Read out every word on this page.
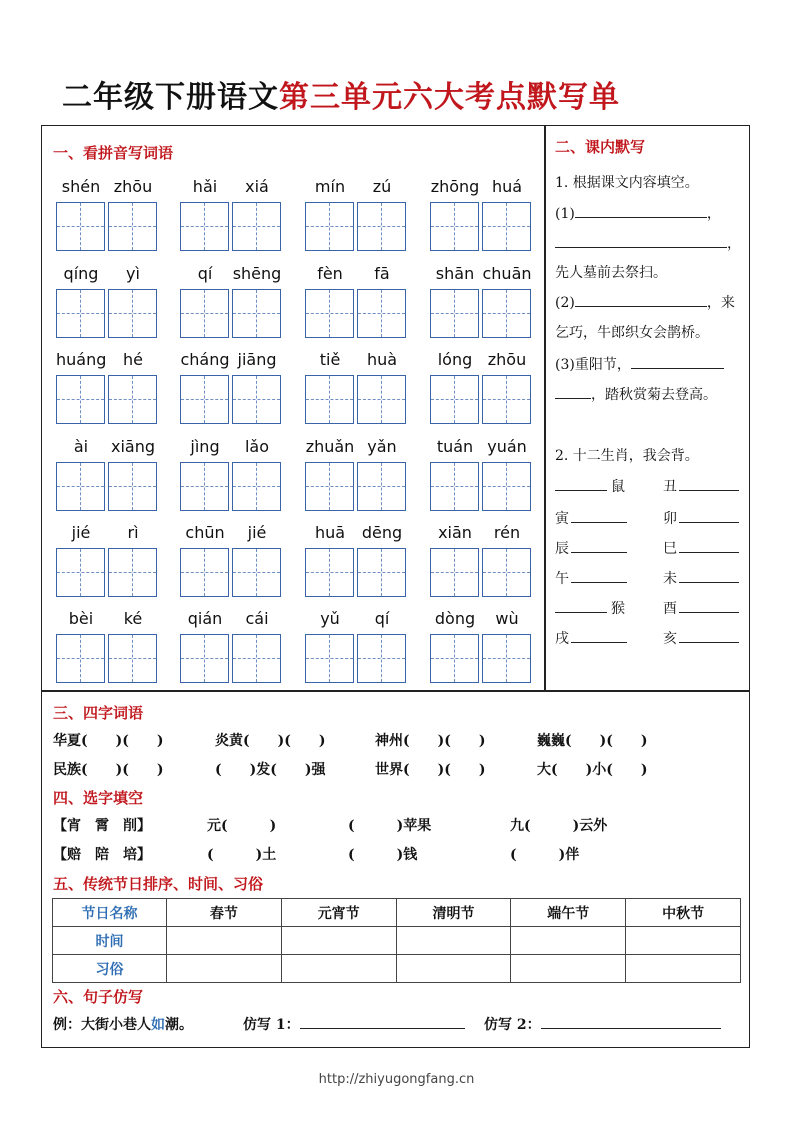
二年级下册语文第三单元六大考点默写单
一、看拼音写词语
shén zhōu	hǎi	xiá	mín	zú	zhōng huá
qíng	yì	qí	shēng	fèn	fā	shān chuān
huáng	hé	cháng jiāng	tiě	huà	lóng zhōu
ài	xiāng	jìng	lǎo	zhuǎn yǎn	tuán yuán
jié	rì	chūn	jié	huā	dēng	xiān	rén
bèi	ké	qián	cái	yǔ	qí	dòng	wù
二、课内默写
1. 根据课文内容填空。
(1)	，
，
先人墓前去祭扫。
(2)	，来
乞巧，牛郎织女会鹊桥。
(3)重阳节，
，踏秋赏菊去登高。
2. 十二生肖，我会背。
鼠	丑
寅	卯
辰	巳
午	未
猴	酉
戌	亥
三、四字词语
华夏(　　)(　　)	炎黄(　　)(　　)	神州(　　)(　　)	巍巍(　　)(　　)
民族(　　)(　　)	(　　)发(　　)强	世界(　　)(　　)	大(　　)小(　　)
四、选字填空
【宵　霄　削】	元(　　　)	(　　　)苹果	九(　　　)云外
【赔　陪　培】	(　　　)土	(　　　)钱	(　　　)伴
五、传统节日排序、时间、习俗
节日名称	春节	元宵节	清明节	端午节	中秋节
时间					
习俗					
六、句子仿写
例：大街小巷人如潮。	仿写 1：	仿写 2：
http://zhiyugongfang.cn
